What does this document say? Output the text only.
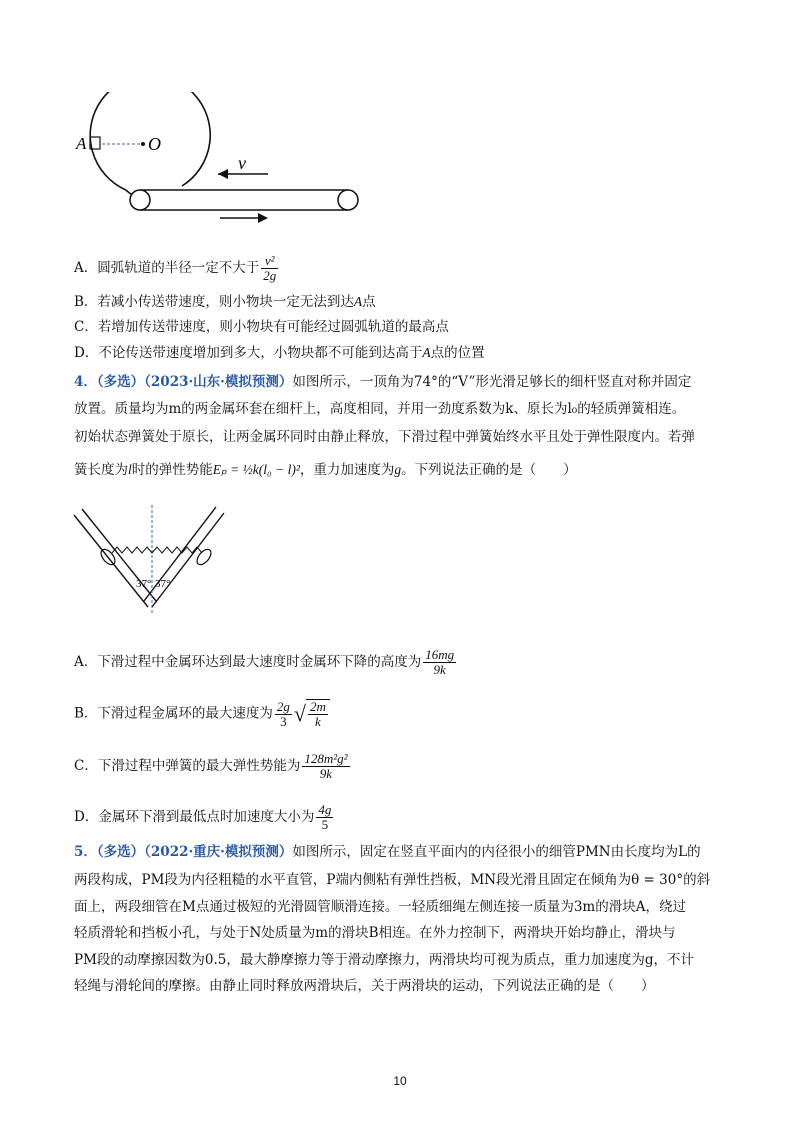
A	O
v
A．圆弧轨道的半径一定不大于 $\frac{\text{v²}}{2g}$
B．若减小传送带速度，则小物块一定无法到达A点
C．若增加传送带速度，则小物块有可能经过圆弧轨道的最高点
D．不论传送带速度增加到多大，小物块都不可能到达高于A点的位置
4．（多选）（2023·山东·模拟预测）如图所示，一顶角为74°的“V”形光滑足够长的细杆竖直对称并固定
放置。质量均为m的两金属环套在细杆上，高度相同，并用一劲度系数为k、原长为l₀的轻质弹簧相连。
初始状态弹簧处于原长，让两金属环同时由静止释放，下滑过程中弹簧始终水平且处于弹性限度内。若弹
簧长度为l时的弹性势能Eₚ = ½k(l₀ − l)²，重力加速度为g。下列说法正确的是（　　）
37° 37°
A．下滑过程中金属环达到最大速度时金属环下降的高度为 $\frac{16mg}{9k}$
B．下滑过程金属环的最大速度为 $\frac{2g}{3}$ √ $\frac{2m}{k}$
C．下滑过程中弹簧的最大弹性势能为 $\frac{\text{128m²g²}}{9k}$
D．金属环下滑到最低点时加速度大小为 $\frac{4g}{5}$
5．（多选）（2022·重庆·模拟预测）如图所示，固定在竖直平面内的内径很小的细管PMN由长度均为L的
两段构成，PM段为内径粗糙的水平直管，P端内侧粘有弹性挡板，MN段光滑且固定在倾角为θ = 30°的斜
面上，两段细管在M点通过极短的光滑圆管顺滑连接。一轻质细绳左侧连接一质量为3m的滑块A，绕过
轻质滑轮和挡板小孔，与处于N处质量为m的滑块B相连。在外力控制下，两滑块开始均静止，滑块与
PM段的动摩擦因数为0.5，最大静摩擦力等于滑动摩擦力，两滑块均可视为质点，重力加速度为g，不计
轻绳与滑轮间的摩擦。由静止同时释放两滑块后，关于两滑块的运动，下列说法正确的是（　　）
10
